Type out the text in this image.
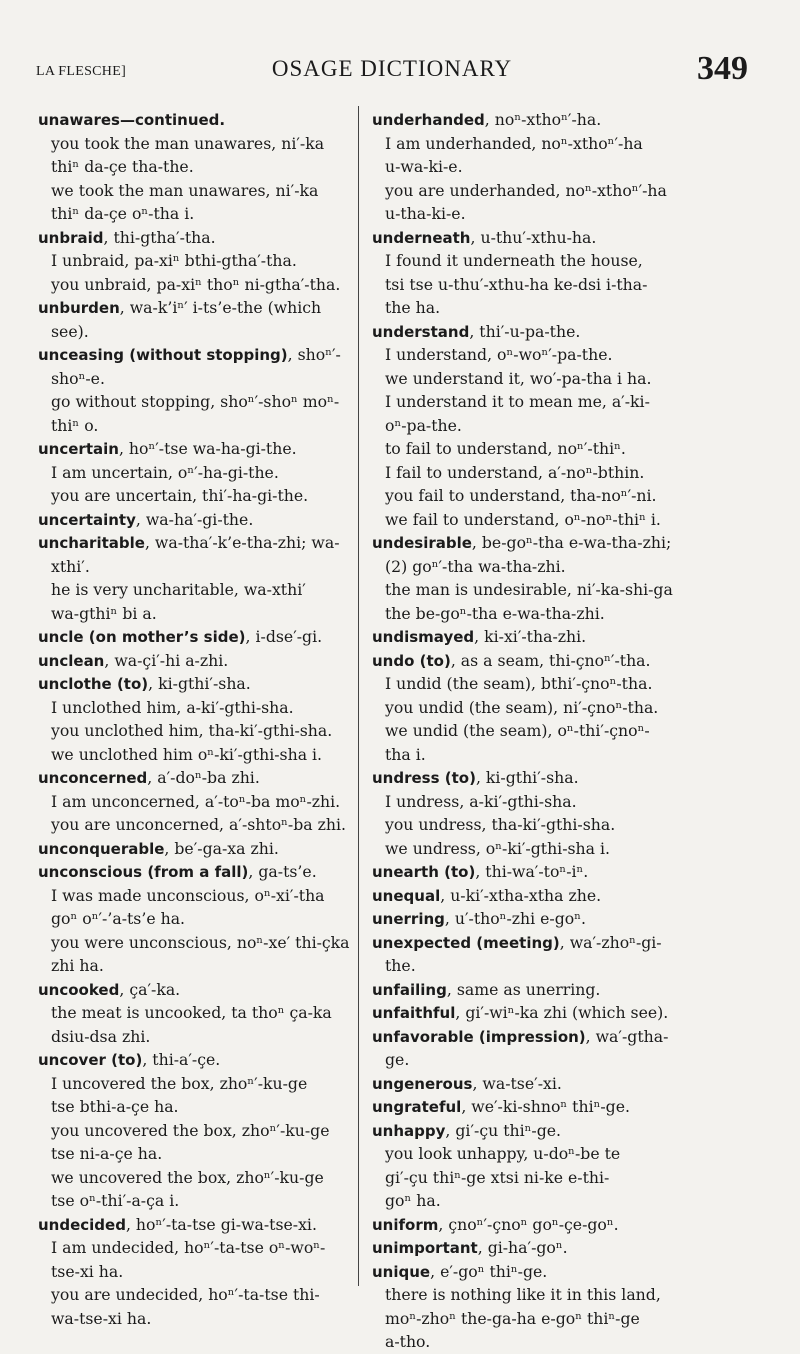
LA FLESCHE]	OSAGE DICTIONARY	349
unawares—continued.
you took the man unawares, ni′-ka
thiⁿ da-çe tha-the.
we took the man unawares, ni′-ka
thiⁿ da-çe oⁿ-tha i.
unbraid, thi-gtha′-tha.
I unbraid, pa-xiⁿ bthi-gtha′-tha.
you unbraid, pa-xiⁿ thoⁿ ni-gtha′-tha.
unburden, wa-k’iⁿ′ i-ts’e-the (which
see).
unceasing (without stopping), shoⁿ′-
shoⁿ-e.
go without stopping, shoⁿ′-shoⁿ moⁿ-
thiⁿ o.
uncertain, hoⁿ′-tse wa-ha-gi-the.
I am uncertain, oⁿ′-ha-gi-the.
you are uncertain, thi′-ha-gi-the.
uncertainty, wa-ha′-gi-the.
uncharitable, wa-tha′-k’e-tha-zhi; wa-
xthi′.
he is very uncharitable, wa-xthi′
wa-gthiⁿ bi a.
uncle (on mother’s side), i-dse′-gi.
unclean, wa-çi′-hi a-zhi.
unclothe (to), ki-gthi′-sha.
I unclothed him, a-ki′-gthi-sha.
you unclothed him, tha-ki′-gthi-sha.
we unclothed him oⁿ-ki′-gthi-sha i.
unconcerned, a′-doⁿ-ba zhi.
I am unconcerned, a′-toⁿ-ba moⁿ-zhi.
you are unconcerned, a′-shtoⁿ-ba zhi.
unconquerable, be′-ga-xa zhi.
unconscious (from a fall), ga-ts’e.
I was made unconscious, oⁿ-xi′-tha
goⁿ oⁿ′-’a-ts’e ha.
you were unconscious, noⁿ-xe′ thi-çka
zhi ha.
uncooked, ça′-ka.
the meat is uncooked, ta thoⁿ ça-ka
dsiu-dsa zhi.
uncover (to), thi-a′-çe.
I uncovered the box, zhoⁿ′-ku-ge
tse bthi-a-çe ha.
you uncovered the box, zhoⁿ′-ku-ge
tse ni-a-çe ha.
we uncovered the box, zhoⁿ′-ku-ge
tse oⁿ-thi′-a-ça i.
undecided, hoⁿ′-ta-tse gi-wa-tse-xi.
I am undecided, hoⁿ′-ta-tse oⁿ-woⁿ-
tse-xi ha.
you are undecided, hoⁿ′-ta-tse thi-
wa-tse-xi ha.
underhanded, noⁿ-xthoⁿ′-ha.
I am underhanded, noⁿ-xthoⁿ′-ha
u-wa-ki-e.
you are underhanded, noⁿ-xthoⁿ′-ha
u-tha-ki-e.
underneath, u-thu′-xthu-ha.
I found it underneath the house,
tsi tse u-thu′-xthu-ha ke-dsi i-tha-
the ha.
understand, thi′-u-pa-the.
I understand, oⁿ-woⁿ′-pa-the.
we understand it, wo′-pa-tha i ha.
I understand it to mean me, a′-ki-
oⁿ-pa-the.
to fail to understand, noⁿ′-thiⁿ.
I fail to understand, a′-noⁿ-bthin.
you fail to understand, tha-noⁿ′-ni.
we fail to understand, oⁿ-noⁿ-thiⁿ i.
undesirable, be-goⁿ-tha e-wa-tha-zhi;
(2) goⁿ′-tha wa-tha-zhi.
the man is undesirable, ni′-ka-shi-ga
the be-goⁿ-tha e-wa-tha-zhi.
undismayed, ki-xi′-tha-zhi.
undo (to), as a seam, thi-çnoⁿ′-tha.
I undid (the seam), bthi′-çnoⁿ-tha.
you undid (the seam), ni′-çnoⁿ-tha.
we undid (the seam), oⁿ-thi′-çnoⁿ-
tha i.
undress (to), ki-gthi′-sha.
I undress, a-ki′-gthi-sha.
you undress, tha-ki′-gthi-sha.
we undress, oⁿ-ki′-gthi-sha i.
unearth (to), thi-wa′-toⁿ-iⁿ.
unequal, u-ki′-xtha-xtha zhe.
unerring, u′-thoⁿ-zhi e-goⁿ.
unexpected (meeting), wa′-zhoⁿ-gi-
the.
unfailing, same as unerring.
unfaithful, gi′-wiⁿ-ka zhi (which see).
unfavorable (impression), wa′-gtha-
ge.
ungenerous, wa-tse′-xi.
ungrateful, we′-ki-shnoⁿ thiⁿ-ge.
unhappy, gi′-çu thiⁿ-ge.
you look unhappy, u-doⁿ-be te
gi′-çu thiⁿ-ge xtsi ni-ke e-thi-
goⁿ ha.
uniform, çnoⁿ′-çnoⁿ goⁿ-çe-goⁿ.
unimportant, gi-ha′-goⁿ.
unique, e′-goⁿ thiⁿ-ge.
there is nothing like it in this land,
moⁿ-zhoⁿ the-ga-ha e-goⁿ thiⁿ-ge
a-tho.
